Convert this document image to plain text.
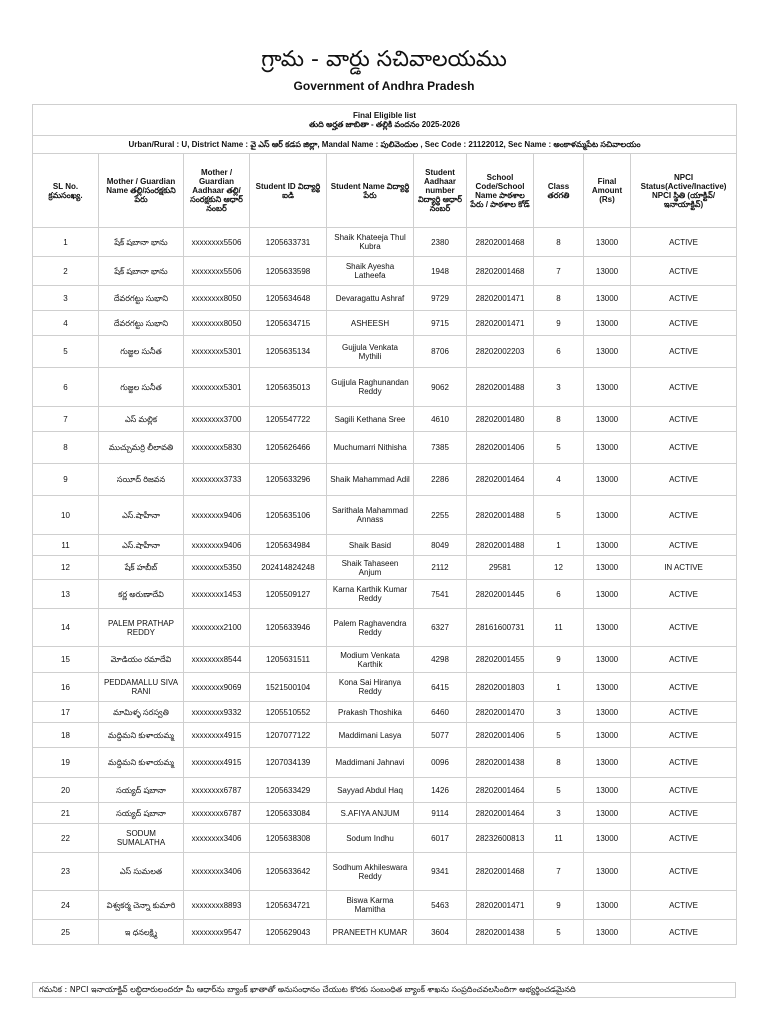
గ్రామ - వార్డు సచివాలయము
Government of Andhra Pradesh
Final Eligible list
తుది అర్హత జాబితా - తల్లికి వందనం 2025-2026									

Urban/Rural : U, District Name : వై ఎస్ ఆర్ కడప జిల్లా, Mandal Name : పులివెందుల , Sec Code : 21122012, Sec Name : అంకాళమ్మపేట సచివాలయం									
SL No. క్రమసంఖ్య.	Mother / Guardian Name తల్లి/సంరక్షకుని పేరు	Mother / Guardian Aadhaar తల్లి/ సంరక్షకుని ఆధార్ నంబర్	Student ID విద్యార్థి ఐడి	Student Name విద్యార్థి పేరు	Student Aadhaar number విద్యార్థి ఆధార్ నంబర్	School Code/School Name పాఠశాల పేరు / పాఠశాల కోడ్	Class తరగతి	Final Amount (Rs)	NPCI Status(Active/Inactive) NPCI స్థితి (యాక్టివ్/ ఇనాయాక్టివ్)
1	షేక్ షబానా భాను	xxxxxxxx5506	1205633731	Shaik Khateeja Thul Kubra	2380	28202001468	8	13000	ACTIVE
2	షేక్ షబానా భాను	xxxxxxxx5506	1205633598	Shaik Ayesha Latheefa	1948	28202001468	7	13000	ACTIVE
3	దేవరగట్టు సుభాని	xxxxxxxx8050	1205634648	Devaragattu Ashraf	9729	28202001471	8	13000	ACTIVE
4	దేవరగట్టు సుభాని	xxxxxxxx8050	1205634715	ASHEESH	9715	28202001471	9	13000	ACTIVE
5	గుజ్జల సునీత	xxxxxxxx5301	1205635134	Gujjula Venkata Mythili	8706	28202002203	6	13000	ACTIVE
6	గుజ్జల సునీత	xxxxxxxx5301	1205635013	Gujjula Raghunandan Reddy	9062	28202001488	3	13000	ACTIVE
7	ఎస్ మల్లిక	xxxxxxxx3700	1205547722	Sagili Kethana Sree	4610	28202001480	8	13000	ACTIVE
8	ముచ్చుమర్రి లీలావతి	xxxxxxxx5830	1205626466	Muchumarri Nithisha	7385	28202001406	5	13000	ACTIVE
9	సయీద్ రిజవన	xxxxxxxx3733	1205633296	Shaik Mahammad Adil	2286	28202001464	4	13000	ACTIVE
10	ఎస్.షాహీనా	xxxxxxxx9406	1205635106	Sarithala Mahammad Annass	2255	28202001488	5	13000	ACTIVE
11	ఎస్.షాహీనా	xxxxxxxx9406	1205634984	Shaik Basid	8049	28202001488	1	13000	ACTIVE
12	షేక్ హబీబ్	xxxxxxxx5350	202414824248	Shaik Tahaseen Anjum	2112	29581	12	13000	IN ACTIVE
13	కర్ణ అరుణాదేవి	xxxxxxxx1453	1205509127	Karna Karthik Kumar Reddy	7541	28202001445	6	13000	ACTIVE
14	PALEM PRATHAP REDDY	xxxxxxxx2100	1205633946	Palem Raghavendra Reddy	6327	28161600731	11	13000	ACTIVE
15	మోడియం రమాదేవి	xxxxxxxx8544	1205631511	Modium Venkata Karthik	4298	28202001455	9	13000	ACTIVE
16	PEDDAMALLU SIVA RANI	xxxxxxxx9069	1521500104	Kona Sai Hiranya Reddy	6415	28202001803	1	13000	ACTIVE
17	మామిళ్ళ సరస్వతి	xxxxxxxx9332	1205510552	Prakash Thoshika	6460	28202001470	3	13000	ACTIVE
18	మద్దిమని కుళాయమ్మ	xxxxxxxx4915	1207077122	Maddimani Lasya	5077	28202001406	5	13000	ACTIVE
19	మద్దిమని కుళాయమ్మ	xxxxxxxx4915	1207034139	Maddimani Jahnavi	0096	28202001438	8	13000	ACTIVE
20	సయ్యద్ షబానా	xxxxxxxx6787	1205633429	Sayyad Abdul Haq	1426	28202001464	5	13000	ACTIVE
21	సయ్యద్ షబానా	xxxxxxxx6787	1205633084	S.AFIYA ANJUM	9114	28202001464	3	13000	ACTIVE
22	SODUM SUMALATHA	xxxxxxxx3406	1205638308	Sodum Indhu	6017	28232600813	11	13000	ACTIVE
23	ఎస్ సుమలత	xxxxxxxx3406	1205633642	Sodhum Akhileswara Reddy	9341	28202001468	7	13000	ACTIVE
24	విశ్వకర్మ చెన్నా కుమారి	xxxxxxxx8893	1205634721	Biswa Karma Mamitha	5463	28202001471	9	13000	ACTIVE
25	ఇ ధనలక్ష్మి	xxxxxxxx9547	1205629043	PRANEETH KUMAR	3604	28202001438	5	13000	ACTIVE
గమనిక : NPCI ఇనాయాక్టివ్ లబ్ధిదారులందరూ మీ ఆధార్‌ను బ్యాంక్ ఖాతాతో అనుసంధానం చేయుట కొరకు సంబంధిత బ్యాంక్ శాఖను సంప్రదించవలసిందిగా అభ్యర్థించడమైనది
